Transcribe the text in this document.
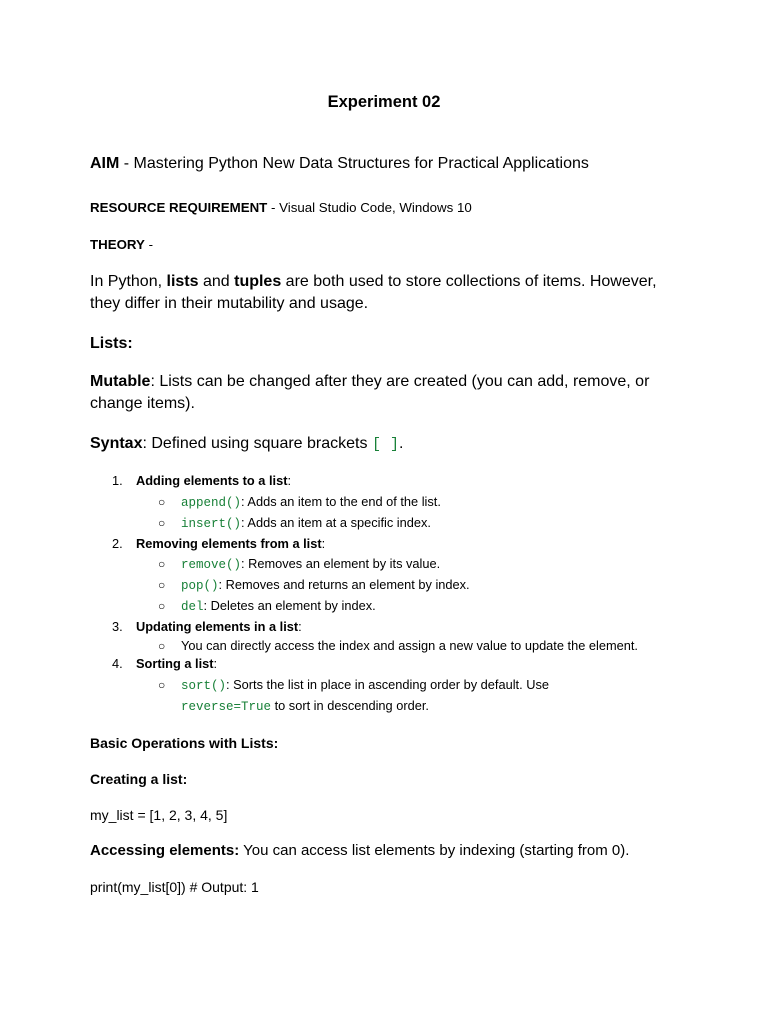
Experiment 02
AIM - Mastering Python New Data Structures for Practical Applications
RESOURCE REQUIREMENT - Visual Studio Code, Windows 10
THEORY -
In Python, lists and tuples are both used to store collections of items. However,
they differ in their mutability and usage.
Lists:
Mutable: Lists can be changed after they are created (you can add, remove, or
change items).
Syntax: Defined using square brackets [ ].
1. Adding elements to a list:
○ append(): Adds an item to the end of the list.
○ insert(): Adds an item at a specific index.
2. Removing elements from a list:
○ remove(): Removes an element by its value.
○ pop(): Removes and returns an element by index.
○ del: Deletes an element by index.
3. Updating elements in a list:
○ You can directly access the index and assign a new value to update the element.
4. Sorting a list:
○ sort(): Sorts the list in place in ascending order by default. Use
reverse=True to sort in descending order.
Basic Operations with Lists:
Creating a list:
my_list = [1, 2, 3, 4, 5]
Accessing elements: You can access list elements by indexing (starting from 0).
print(my_list[0]) # Output: 1
